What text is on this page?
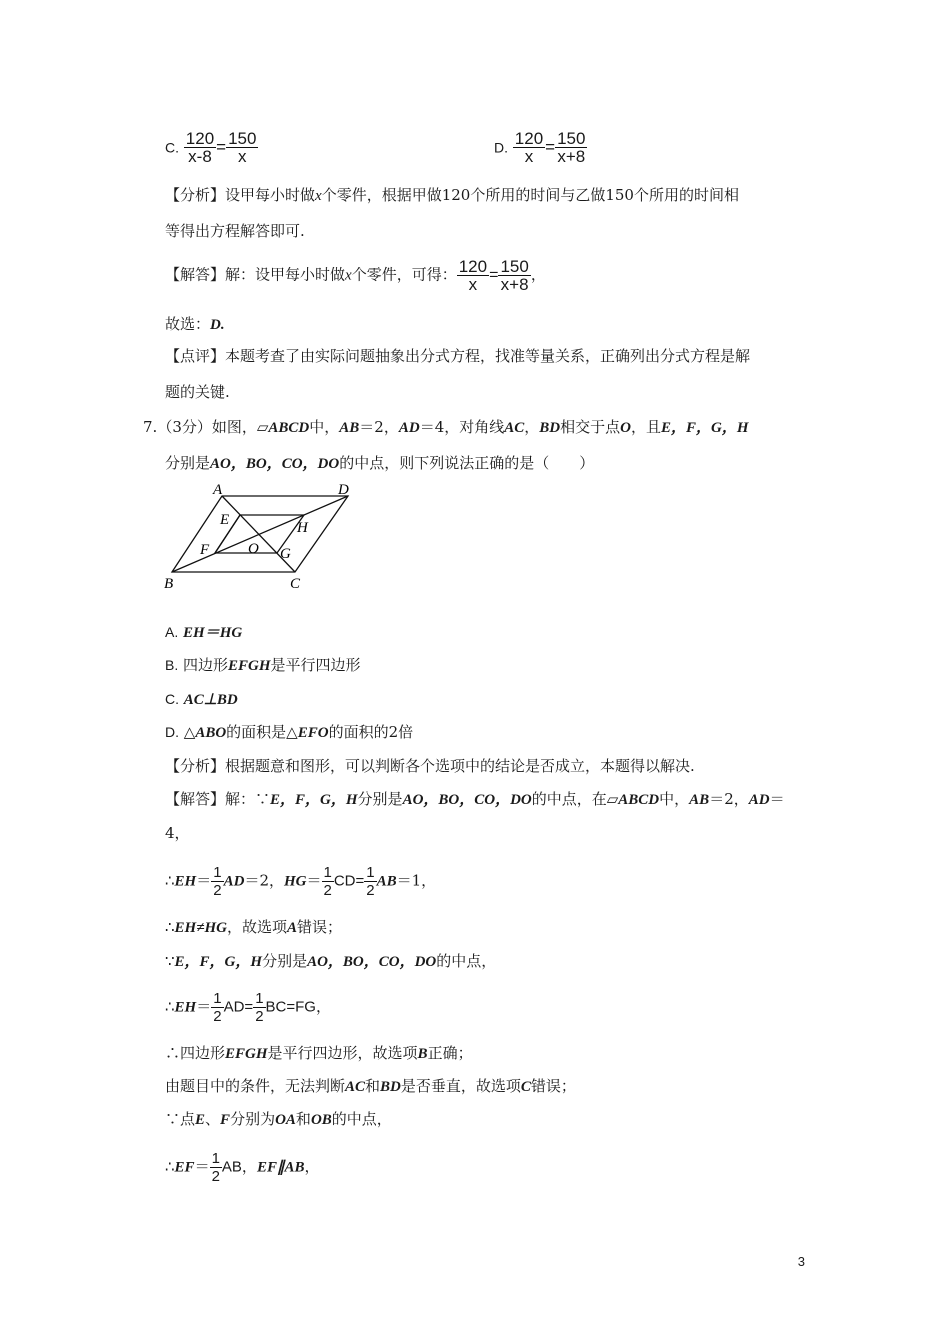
C. $\frac{120}{x-8} = \frac{150}{x}$	D. $\frac{120}{x} = \frac{150}{x+8}$
【分析】设甲每小时做x个零件，根据甲做120个所用的时间与乙做150个所用的时间相
等得出方程解答即可.
【解答】解：设甲每小时做x个零件，可得： $\frac{120}{x} = \frac{150}{x+8}$ ，
故选：D.
【点评】本题考查了由实际问题抽象出分式方程，找准等量关系，正确列出分式方程是解
题的关键.
7.（3分）如图，▱ABCD中，AB＝2，AD＝4，对角线AC，BD相交于点O，且E，F，G，H
分别是AO，BO，CO，DO的中点，则下列说法正确的是（　　）
A	D
B	C
E
F	G
H
O
A. EH＝HG
B. 四边形EFGH是平行四边形
C. AC⊥BD
D. △ABO的面积是△EFO的面积的2倍
【分析】根据题意和图形，可以判断各个选项中的结论是否成立，本题得以解决.
【解答】解：∵E，F，G，H分别是AO，BO，CO，DO的中点，在▱ABCD中，AB＝2，AD＝
4，
∴EH＝ $\frac{1}{2} AD=2$，$HG= \frac{1}{2} CD= \frac{1}{2} AB=1$，
∴EH≠HG，故选项A错误；
∵E，F，G，H分别是AO，BO，CO，DO的中点，
∴EH＝ $\frac{1}{2} AD= \frac{1}{2} BC=FG$，
∴四边形EFGH是平行四边形，故选项B正确；
由题目中的条件，无法判断AC和BD是否垂直，故选项C错误；
∵点E、F分别为OA和OB的中点，
∴EF＝ $\frac{1}{2}$ AB，EF∥AB，
3
